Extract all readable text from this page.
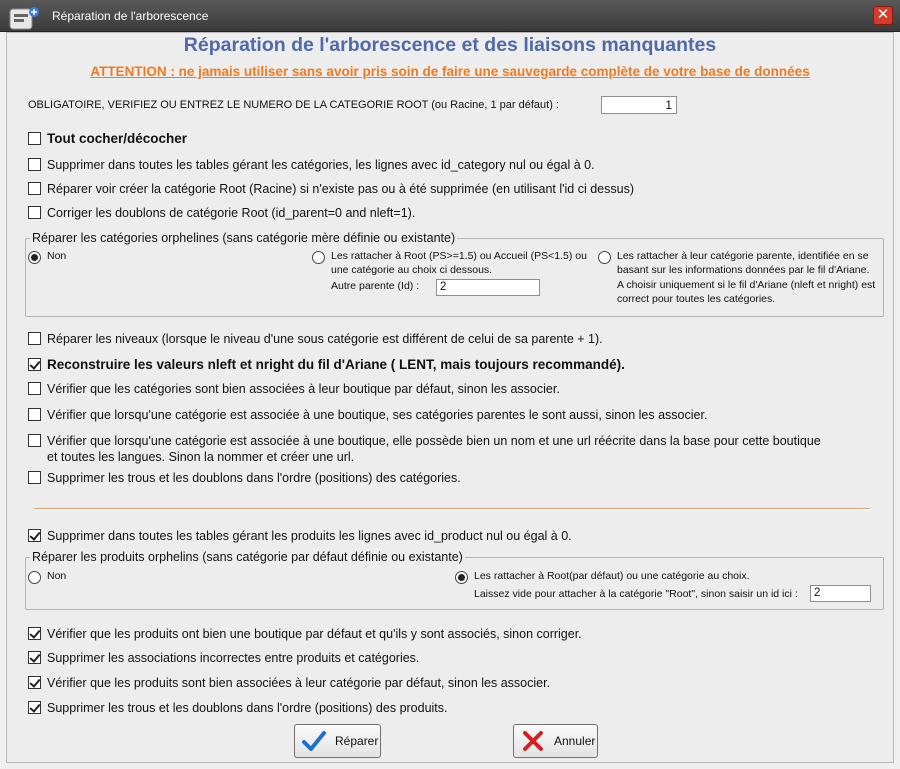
Réparation de l'arborescence	✕
Réparation de l'arborescence et des liaisons manquantes
ATTENTION : ne jamais utiliser sans avoir pris soin de faire une sauvegarde complète de votre base de données
OBLIGATOIRE, VERIFIEZ OU ENTREZ LE NUMERO DE LA CATEGORIE ROOT (ou Racine, 1 par défaut) :	1
Tout cocher/décocher
Supprimer dans toutes les tables gérant les catégories, les lignes avec id_category nul ou égal à 0.
Réparer voir créer la catégorie Root (Racine) si n'existe pas ou à été supprimée (en utilisant l'id ci dessus)
Corriger les doublons de catégorie Root (id_parent=0 and nleft=1).
Réparer les catégories orphelines (sans catégorie mère définie ou existante)
Non	Les rattacher à Root (PS>=1.5) ou Accueil (PS<1.5) ou une catégorie au choix ci dessous.
Autre parente (Id) :	2
Les rattacher à leur catégorie parente, identifiée en se basant sur les informations données par le fil d'Ariane.
A choisir uniquement si le fil d'Ariane (nleft et nright) est correct pour toutes les catégories.
Réparer les niveaux (lorsque le niveau d'une sous catégorie est différent de celui de sa parente + 1).
Reconstruire les valeurs nleft et nright du fil d'Ariane ( LENT, mais toujours recommandé).
Vérifier que les catégories sont bien associées à leur boutique par défaut, sinon les associer.
Vérifier que lorsqu'une catégorie est associée à une boutique, ses catégories parentes le sont aussi, sinon les associer.
Vérifier que lorsqu'une catégorie est associée à une boutique, elle possède bien un nom et une url réécrite dans la base pour cette boutique et toutes les langues. Sinon la nommer et créer une url.
Supprimer les trous et les doublons dans l'ordre (positions) des catégories.
Supprimer dans toutes les tables gérant les produits les lignes avec id_product nul ou égal à 0.
Réparer les produits orphelins (sans catégorie par défaut définie ou existante)
Non	Les rattacher à Root(par défaut) ou une catégorie au choix.
Laissez vide pour attacher à la catégorie "Root", sinon saisir un id ici :	2
Vérifier que les produits ont bien une boutique par défaut et qu'ils y sont associés, sinon corriger.
Supprimer les associations incorrectes entre produits et catégories.
Vérifier que les produits sont bien associées à leur catégorie par défaut, sinon les associer.
Supprimer les trous et les doublons dans l'ordre (positions) des produits.
Réparer	Annuler
